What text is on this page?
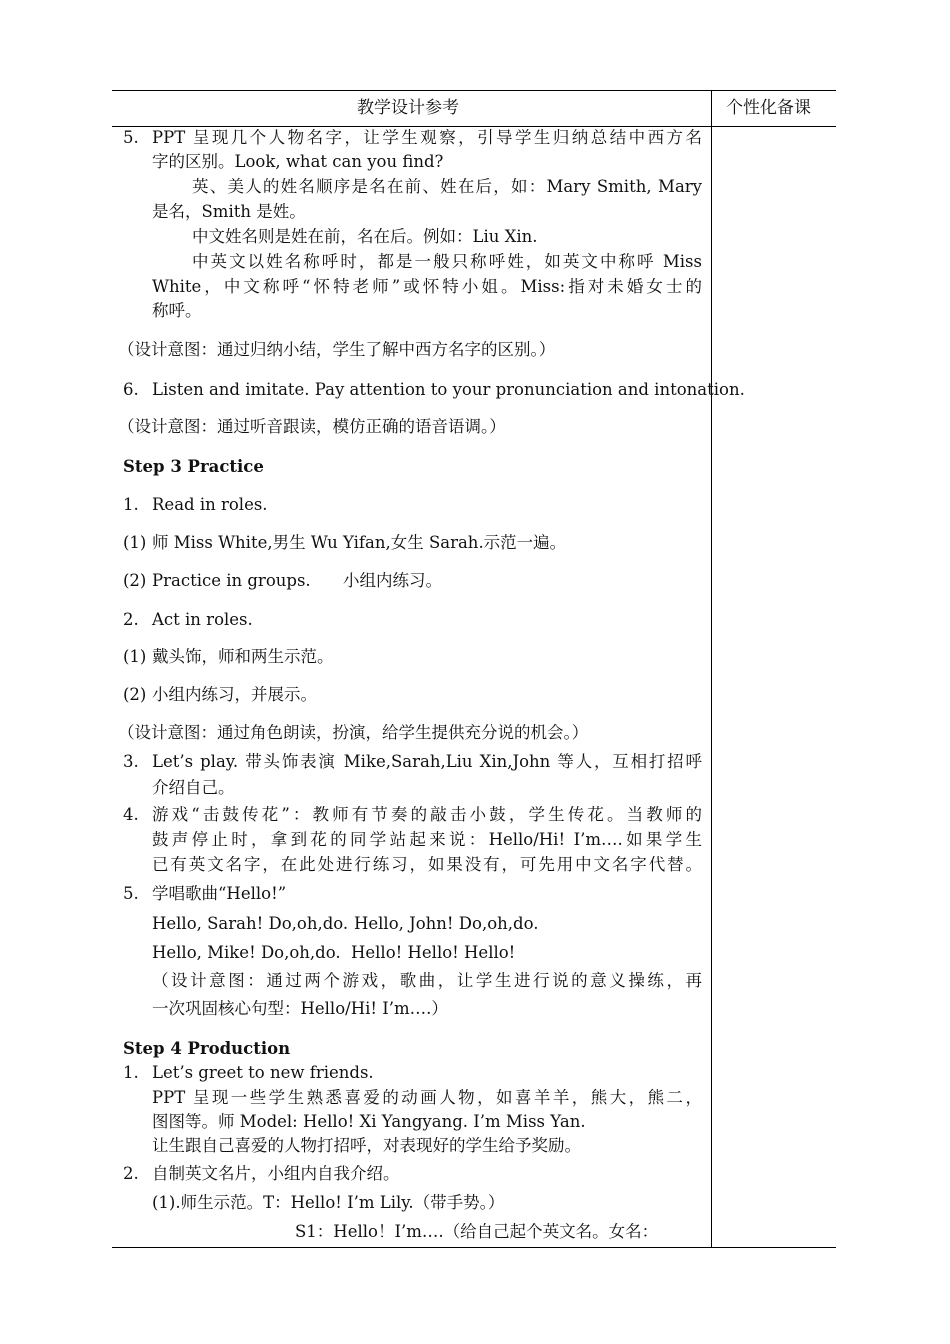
教学设计参考	个性化备课
5. PPT 呈现几个人物名字，让学生观察，引导学生归纳总结中西方名
字的区别。Look, what can you find?
英、美人的姓名顺序是名在前、姓在后，如：Mary Smith, Mary
是名，Smith 是姓。
中文姓名则是姓在前，名在后。例如：Liu Xin.
中英文以姓名称呼时，都是一般只称呼姓，如英文中称呼 Miss
White，中文称呼“怀特老师”或怀特小姐。Miss:指对未婚女士的
称呼。
（设计意图：通过归纳小结，学生了解中西方名字的区别。）
6. Listen and imitate. Pay attention to your pronunciation and intonation.
（设计意图：通过听音跟读，模仿正确的语音语调。）
Step 3 Practice
1. Read in roles.
(1) 师 Miss White,男生 Wu Yifan,女生 Sarah.示范一遍。
(2) Practice in groups. 小组内练习。
2. Act in roles.
(1) 戴头饰，师和两生示范。
(2) 小组内练习，并展示。
（设计意图：通过角色朗读，扮演，给学生提供充分说的机会。）
3. Let’s play. 带头饰表演 Mike,Sarah,Liu Xin,John 等人，互相打招呼
介绍自己。
4. 游戏“击鼓传花”：教师有节奏的敲击小鼓，学生传花。当教师的
鼓声停止时，拿到花的同学站起来说：Hello/Hi! I’m….如果学生
已有英文名字，在此处进行练习，如果没有，可先用中文名字代替。
5. 学唱歌曲“Hello!”
Hello, Sarah! Do,oh,do. Hello, John! Do,oh,do.
Hello, Mike! Do,oh,do. Hello! Hello! Hello!
（设计意图：通过两个游戏，歌曲，让学生进行说的意义操练，再
一次巩固核心句型：Hello/Hi! I’m….）
Step 4 Production
1. Let’s greet to new friends.
PPT 呈现一些学生熟悉喜爱的动画人物，如喜羊羊，熊大，熊二，
图图等。师 Model: Hello! Xi Yangyang. I’m Miss Yan.
让生跟自己喜爱的人物打招呼，对表现好的学生给予奖励。
2. 自制英文名片，小组内自我介绍。
(1).师生示范。T：Hello! I’m Lily.（带手势。）
S1：Hello！I’m….（给自己起个英文名。女名：
